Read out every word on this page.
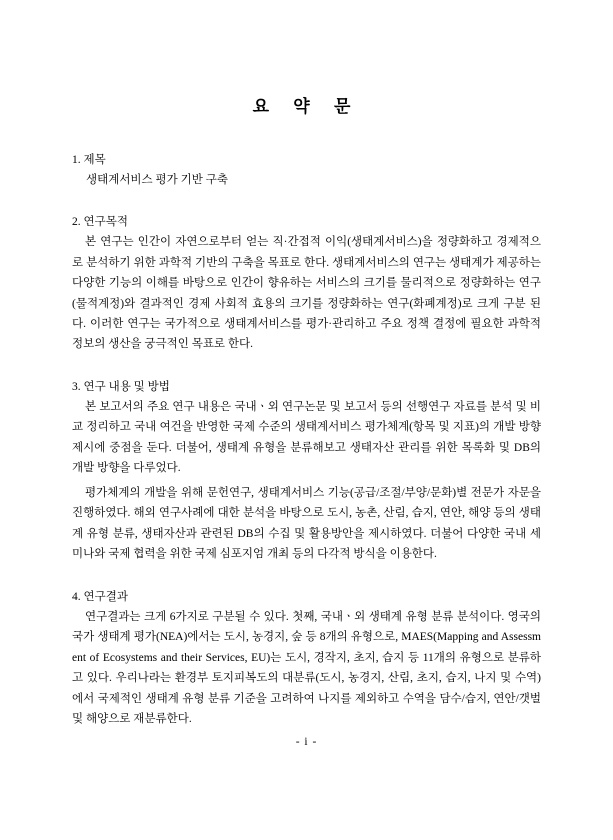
요 약 문

1. 제목

생태계서비스 평가 기반 구축

2. 연구목적

본 연구는 인간이 자연으로부터 얻는 직·간접적 이익(생태계서비스)을 정량화하고 경제적으로 분석하기 위한 과학적 기반의 구축을 목표로 한다. 생태계서비스의 연구는 생태계가 제공하는 다양한 기능의 이해를 바탕으로 인간이 향유하는 서비스의 크기를 물리적으로 정량화하는 연구(물적계정)와 결과적인 경제 사회적 효용의 크기를 정량화하는 연구(화폐계정)로 크게 구분 된다. 이러한 연구는 국가적으로 생태계서비스를 평가·관리하고 주요 정책 결정에 필요한 과학적 정보의 생산을 궁극적인 목표로 한다.

3. 연구 내용 및 방법

본 보고서의 주요 연구 내용은 국내ㆍ외 연구논문 및 보고서 등의 선행연구 자료를 분석 및 비교 정리하고 국내 여건을 반영한 국제 수준의 생태계서비스 평가체계(항목 및 지표)의 개발 방향 제시에 중점을 둔다. 더불어, 생태계 유형을 분류해보고 생태자산 관리를 위한 목록화 및 DB의 개발 방향을 다루었다.

평가체계의 개발을 위해 문헌연구, 생태계서비스 기능(공급/조절/부양/문화)별 전문가 자문을 진행하였다. 해외 연구사례에 대한 분석을 바탕으로 도시, 농촌, 산림, 습지, 연안, 해양 등의 생태계 유형 분류, 생태자산과 관련된 DB의 수집 및 활용방안을 제시하였다. 더불어 다양한 국내 세미나와 국제 협력을 위한 국제 심포지엄 개최 등의 다각적 방식을 이용한다.

4. 연구결과

연구결과는 크게 6가지로 구분될 수 있다. 첫째, 국내ㆍ외 생태계 유형 분류 분석이다. 영국의 국가 생태계 평가(NEA)에서는 도시, 농경지, 숲 등 8개의 유형으로, MAES(Mapping and Assessment of Ecosystems and their Services, EU)는 도시, 경작지, 초지, 습지 등 11개의 유형으로 분류하고 있다. 우리나라는 환경부 토지피복도의 대분류(도시, 농경지, 산림, 초지, 습지, 나지 및 수역)에서 국제적인 생태계 유형 분류 기준을 고려하여 나지를 제외하고 수역을 담수/습지, 연안/갯벌 및 해양으로 재분류한다.

- i -
